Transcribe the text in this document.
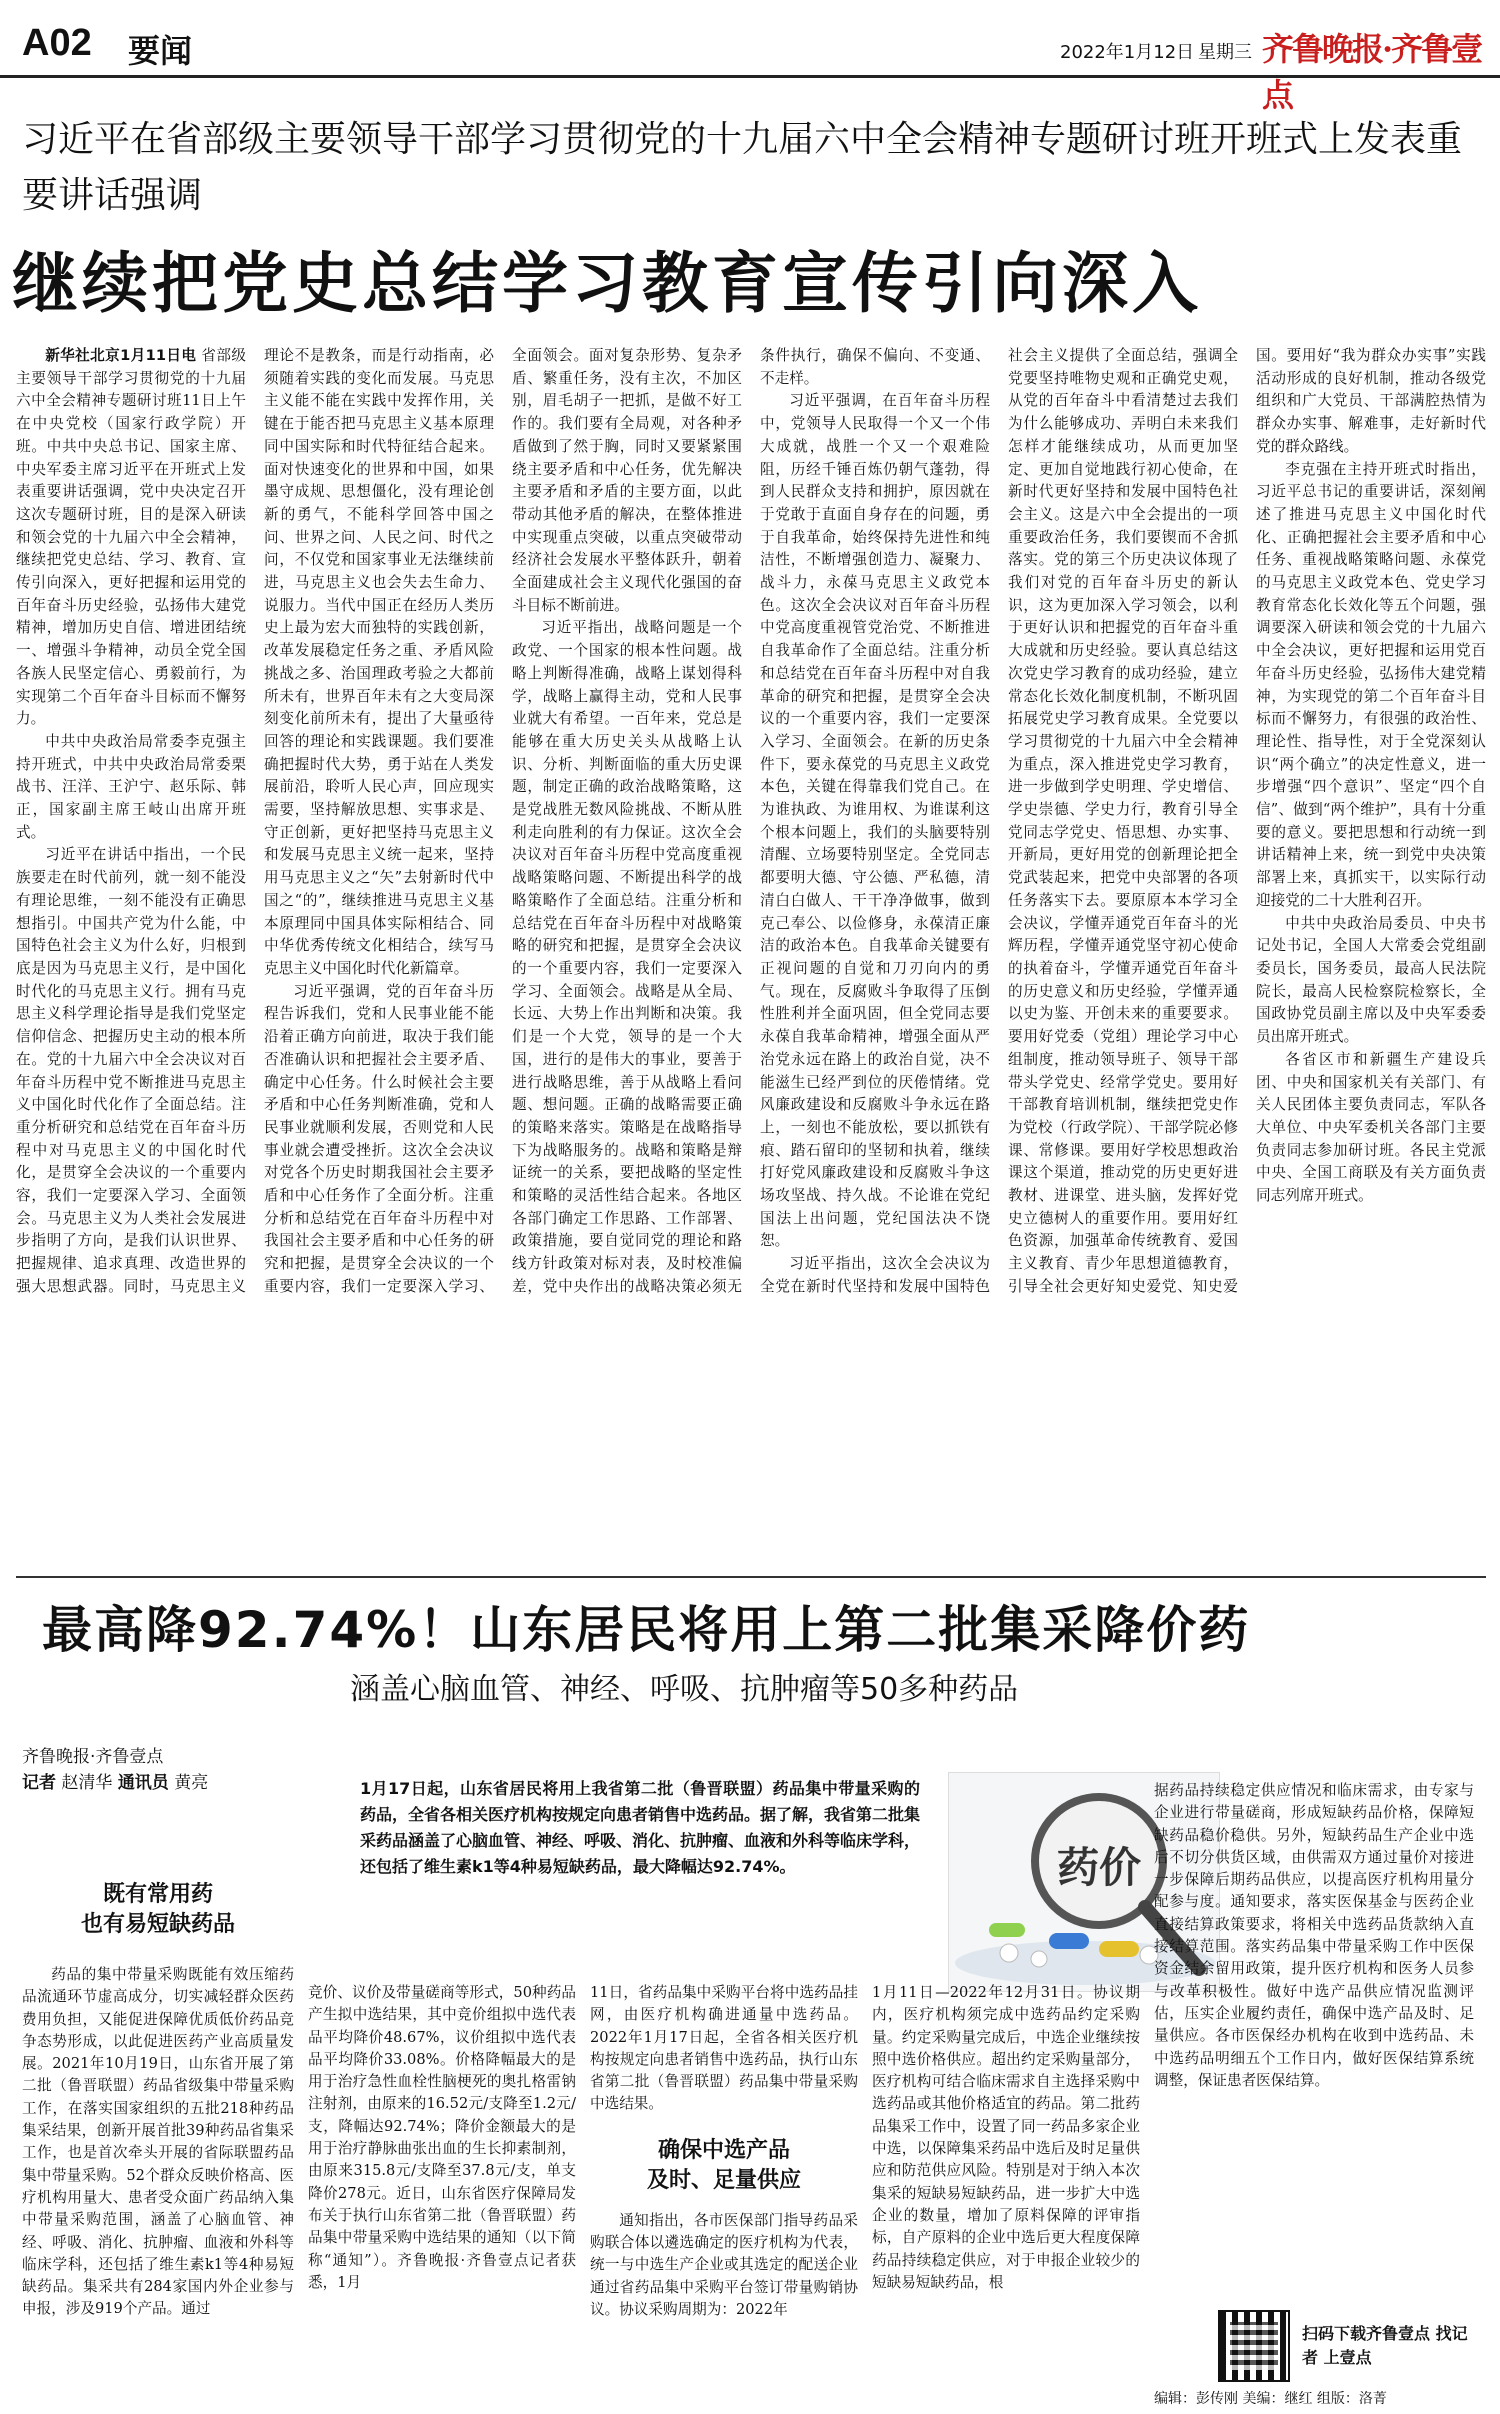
A02 要闻	2022年1月12日 星期三 齐鲁晚报·齐鲁壹点
习近平在省部级主要领导干部学习贯彻党的十九届六中全会精神专题研讨班开班式上发表重要讲话强调
继续把党史总结学习教育宣传引向深入

新华社北京1月11日电 省部级主要领导干部学习贯彻党的十九届六中全会精神专题研讨班11日上午在中央党校（国家行政学院）开班。中共中央总书记、国家主席、中央军委主席习近平在开班式上发表重要讲话强调，党中央决定召开这次专题研讨班，目的是深入研读和领会党的十九届六中全会精神，继续把党史总结、学习、教育、宣传引向深入，更好把握和运用党的百年奋斗历史经验，弘扬伟大建党精神，增加历史自信、增进团结统一、增强斗争精神，动员全党全国各族人民坚定信心、勇毅前行，为实现第二个百年奋斗目标而不懈努力。

中共中央政治局常委李克强主持开班式，中共中央政治局常委栗战书、汪洋、王沪宁、赵乐际、韩正，国家副主席王岐山出席开班式。

习近平在讲话中指出，一个民族要走在时代前列，就一刻不能没有理论思维，一刻不能没有正确思想指引。中国共产党为什么能，中国特色社会主义为什么好，归根到底是因为马克思主义行，是中国化时代化的马克思主义行。拥有马克思主义科学理论指导是我们党坚定信仰信念、把握历史主动的根本所在。党的十九届六中全会决议对百年奋斗历程中党不断推进马克思主义中国化时代化作了全面总结。注重分析研究和总结党在百年奋斗历程中对马克思主义的中国化时代化，是贯穿全会决议的一个重要内容，我们一定要深入学习、全面领会。马克思主义为人类社会发展进步指明了方向，是我们认识世界、把握规律、追求真理、改造世界的强大思想武器。同时，马克思主义理论不是教条，而是行动指南，必须随着实践的变化而发展。马克思主义能不能在实践中发挥作用，关键在于能否把马克思主义基本原理同中国实际和时代特征结合起来。面对快速变化的世界和中国，如果墨守成规、思想僵化，没有理论创新的勇气，不能科学回答中国之问、世界之问、人民之问、时代之问，不仅党和国家事业无法继续前进，马克思主义也会失去生命力、说服力。当代中国正在经历人类历史上最为宏大而独特的实践创新，改革发展稳定任务之重、矛盾风险挑战之多、治国理政考验之大都前所未有，世界百年未有之大变局深刻变化前所未有，提出了大量亟待回答的理论和实践课题。我们要准确把握时代大势，勇于站在人类发展前沿，聆听人民心声，回应现实需要，坚持解放思想、实事求是、守正创新，更好把坚持马克思主义和发展马克思主义统一起来，坚持用马克思主义之“矢”去射新时代中国之“的”，继续推进马克思主义基本原理同中国具体实际相结合、同中华优秀传统文化相结合，续写马克思主义中国化时代化新篇章。

习近平强调，党的百年奋斗历程告诉我们，党和人民事业能不能沿着正确方向前进，取决于我们能否准确认识和把握社会主要矛盾、确定中心任务。什么时候社会主要矛盾和中心任务判断准确，党和人民事业就顺利发展，否则党和人民事业就会遭受挫折。这次全会决议对党各个历史时期我国社会主要矛盾和中心任务作了全面分析。注重分析和总结党在百年奋斗历程中对我国社会主要矛盾和中心任务的研究和把握，是贯穿全会决议的一个重要内容，我们一定要深入学习、全面领会。面对复杂形势、复杂矛盾、繁重任务，没有主次，不加区别，眉毛胡子一把抓，是做不好工作的。我们要有全局观，对各种矛盾做到了然于胸，同时又要紧紧围绕主要矛盾和中心任务，优先解决主要矛盾和矛盾的主要方面，以此带动其他矛盾的解决，在整体推进中实现重点突破，以重点突破带动经济社会发展水平整体跃升，朝着全面建成社会主义现代化强国的奋斗目标不断前进。

习近平指出，战略问题是一个政党、一个国家的根本性问题。战略上判断得准确，战略上谋划得科学，战略上赢得主动，党和人民事业就大有希望。一百年来，党总是能够在重大历史关头从战略上认识、分析、判断面临的重大历史课题，制定正确的政治战略策略，这是党战胜无数风险挑战、不断从胜利走向胜利的有力保证。这次全会决议对百年奋斗历程中党高度重视战略策略问题、不断提出科学的战略策略作了全面总结。注重分析和总结党在百年奋斗历程中对战略策略的研究和把握，是贯穿全会决议的一个重要内容，我们一定要深入学习、全面领会。战略是从全局、长远、大势上作出判断和决策。我们是一个大党，领导的是一个大国，进行的是伟大的事业，要善于进行战略思维，善于从战略上看问题、想问题。正确的战略需要正确的策略来落实。策略是在战略指导下为战略服务的。战略和策略是辩证统一的关系，要把战略的坚定性和策略的灵活性结合起来。各地区各部门确定工作思路、工作部署、政策措施，要自觉同党的理论和路线方针政策对标对表，及时校准偏差，党中央作出的战略决策必须无条件执行，确保不偏向、不变通、不走样。

习近平强调，在百年奋斗历程中，党领导人民取得一个又一个伟大成就，战胜一个又一个艰难险阻，历经千锤百炼仍朝气蓬勃，得到人民群众支持和拥护，原因就在于党敢于直面自身存在的问题，勇于自我革命，始终保持先进性和纯洁性，不断增强创造力、凝聚力、战斗力，永葆马克思主义政党本色。这次全会决议对百年奋斗历程中党高度重视管党治党、不断推进自我革命作了全面总结。注重分析和总结党在百年奋斗历程中对自我革命的研究和把握，是贯穿全会决议的一个重要内容，我们一定要深入学习、全面领会。在新的历史条件下，要永葆党的马克思主义政党本色，关键在得靠我们党自己。在为谁执政、为谁用权、为谁谋利这个根本问题上，我们的头脑要特别清醒、立场要特别坚定。全党同志都要明大德、守公德、严私德，清清白白做人、干干净净做事，做到克己奉公、以俭修身，永葆清正廉洁的政治本色。自我革命关键要有正视问题的自觉和刀刃向内的勇气。现在，反腐败斗争取得了压倒性胜利并全面巩固，但全党同志要永葆自我革命精神，增强全面从严治党永远在路上的政治自觉，决不能滋生已经严到位的厌倦情绪。党风廉政建设和反腐败斗争永远在路上，一刻也不能放松，要以抓铁有痕、踏石留印的坚韧和执着，继续打好党风廉政建设和反腐败斗争这场攻坚战、持久战。不论谁在党纪国法上出问题，党纪国法决不饶恕。

习近平指出，这次全会决议为全党在新时代坚持和发展中国特色社会主义提供了全面总结，强调全党要坚持唯物史观和正确党史观，从党的百年奋斗中看清楚过去我们为什么能够成功、弄明白未来我们怎样才能继续成功，从而更加坚定、更加自觉地践行初心使命，在新时代更好坚持和发展中国特色社会主义。这是六中全会提出的一项重要政治任务，我们要锲而不舍抓落实。党的第三个历史决议体现了我们对党的百年奋斗历史的新认识，这为更加深入学习领会，以利于更好认识和把握党的百年奋斗重大成就和历史经验。要认真总结这次党史学习教育的成功经验，建立常态化长效化制度机制，不断巩固拓展党史学习教育成果。全党要以学习贯彻党的十九届六中全会精神为重点，深入推进党史学习教育，进一步做到学史明理、学史增信、学史崇德、学史力行，教育引导全党同志学党史、悟思想、办实事、开新局，更好用党的创新理论把全党武装起来，把党中央部署的各项任务落实下去。要原原本本学习全会决议，学懂弄通党百年奋斗的光辉历程，学懂弄通党坚守初心使命的执着奋斗，学懂弄通党百年奋斗的历史意义和历史经验，学懂弄通以史为鉴、开创未来的重要要求。要用好党委（党组）理论学习中心组制度，推动领导班子、领导干部带头学党史、经常学党史。要用好干部教育培训机制，继续把党史作为党校（行政学院）、干部学院必修课、常修课。要用好学校思想政治课这个渠道，推动党的历史更好进教材、进课堂、进头脑，发挥好党史立德树人的重要作用。要用好红色资源，加强革命传统教育、爱国主义教育、青少年思想道德教育，引导全社会更好知史爱党、知史爱国。要用好“我为群众办实事”实践活动形成的良好机制，推动各级党组织和广大党员、干部满腔热情为群众办实事、解难事，走好新时代党的群众路线。

李克强在主持开班式时指出，习近平总书记的重要讲话，深刻阐述了推进马克思主义中国化时代化、正确把握社会主要矛盾和中心任务、重视战略策略问题、永葆党的马克思主义政党本色、党史学习教育常态化长效化等五个问题，强调要深入研读和领会党的十九届六中全会决议，更好把握和运用党百年奋斗历史经验，弘扬伟大建党精神，为实现党的第二个百年奋斗目标而不懈努力，有很强的政治性、理论性、指导性，对于全党深刻认识“两个确立”的决定性意义，进一步增强“四个意识”、坚定“四个自信”、做到“两个维护”，具有十分重要的意义。要把思想和行动统一到讲话精神上来，统一到党中央决策部署上来，真抓实干，以实际行动迎接党的二十大胜利召开。

中共中央政治局委员、中央书记处书记，全国人大常委会党组副委员长，国务委员，最高人民法院院长，最高人民检察院检察长，全国政协党员副主席以及中央军委委员出席开班式。

各省区市和新疆生产建设兵团、中央和国家机关有关部门、有关人民团体主要负责同志，军队各大单位、中央军委机关各部门主要负责同志参加研讨班。各民主党派中央、全国工商联及有关方面负责同志列席开班式。

最高降92.74%！山东居民将用上第二批集采降价药
涵盖心脑血管、神经、呼吸、抗肿瘤等50多种药品
齐鲁晚报·齐鲁壹点
记者 赵清华 通讯员 黄亮	1月17日起，山东省居民将用上我省第二批（鲁晋联盟）药品集中带量采购的药品，全省各相关医疗机构按规定向患者销售中选药品。据了解，我省第二批集采药品涵盖了心脑血管、神经、呼吸、消化、抗肿瘤、血液和外科等临床学科，还包括了维生素k1等4种易短缺药品，最大降幅达92.74%。	药价
既有常用药
也有易短缺药品

药品的集中带量采购既能有效压缩药品流通环节虚高成分，切实减轻群众医药费用负担，又能促进保障优质低价药品竞争态势形成，以此促进医药产业高质量发展。2021年10月19日，山东省开展了第二批（鲁晋联盟）药品省级集中带量采购工作，在落实国家组织的五批218种药品集采结果，创新开展首批39种药品省集采工作，也是首次牵头开展的省际联盟药品集中带量采购。52个群众反映价格高、医疗机构用量大、患者受众面广药品纳入集中带量采购范围，涵盖了心脑血管、神经、呼吸、消化、抗肿瘤、血液和外科等临床学科，还包括了维生素k1等4种易短缺药品。集采共有284家国内外企业参与申报，涉及919个产品。通过

竞价、议价及带量磋商等形式，50种药品产生拟中选结果，其中竞价组拟中选代表品平均降价48.67%，议价组拟中选代表品平均降价33.08%。价格降幅最大的是用于治疗急性血栓性脑梗死的奥扎格雷钠注射剂，由原来的16.52元/支降至1.2元/支，降幅达92.74%；降价金额最大的是用于治疗静脉曲张出血的生长抑素制剂，由原来315.8元/支降至37.8元/支，单支降价278元。近日，山东省医疗保障局发布关于执行山东省第二批（鲁晋联盟）药品集中带量采购中选结果的通知（以下简称“通知”）。齐鲁晚报·齐鲁壹点记者获悉，1月

11日，省药品集中采购平台将中选药品挂网，由医疗机构确进通量中选药品。2022年1月17日起，全省各相关医疗机构按规定向患者销售中选药品，执行山东省第二批（鲁晋联盟）药品集中带量采购中选结果。

确保中选产品
及时、足量供应

通知指出，各市医保部门指导药品采购联合体以遴选确定的医疗机构为代表，统一与中选生产企业或其选定的配送企业通过省药品集中采购平台签订带量购销协议。协议采购周期为：2022年

1月11日—2022年12月31日。协议期内，医疗机构须完成中选药品约定采购量。约定采购量完成后，中选企业继续按照中选价格供应。超出约定采购量部分，医疗机构可结合临床需求自主选择采购中选药品或其他价格适宜的药品。第二批药品集采工作中，设置了同一药品多家企业中选，以保障集采药品中选后及时足量供应和防范供应风险。特别是对于纳入本次集采的短缺易短缺药品，进一步扩大中选企业的数量，增加了原料保障的评审指标，自产原料的企业中选后更大程度保障药品持续稳定供应，对于申报企业较少的短缺易短缺药品，根

据药品持续稳定供应情况和临床需求，由专家与企业进行带量磋商，形成短缺药品价格，保障短缺药品稳价稳供。另外，短缺药品生产企业中选后不切分供货区域，由供需双方通过量价对接进一步保障后期药品供应，以提高医疗机构用量分配参与度。通知要求，落实医保基金与医药企业直接结算政策要求，将相关中选药品货款纳入直接结算范围。落实药品集中带量采购工作中医保资金结余留用政策，提升医疗机构和医务人员参与改革积极性。做好中选产品供应情况监测评估，压实企业履约责任，确保中选产品及时、足量供应。各市医保经办机构在收到中选药品、未中选药品明细五个工作日内，做好医保结算系统调整，保证患者医保结算。

扫码下载齐鲁壹点 找记者 上壹点
编辑：彭传刚 美编：继红 组版：洛菁
